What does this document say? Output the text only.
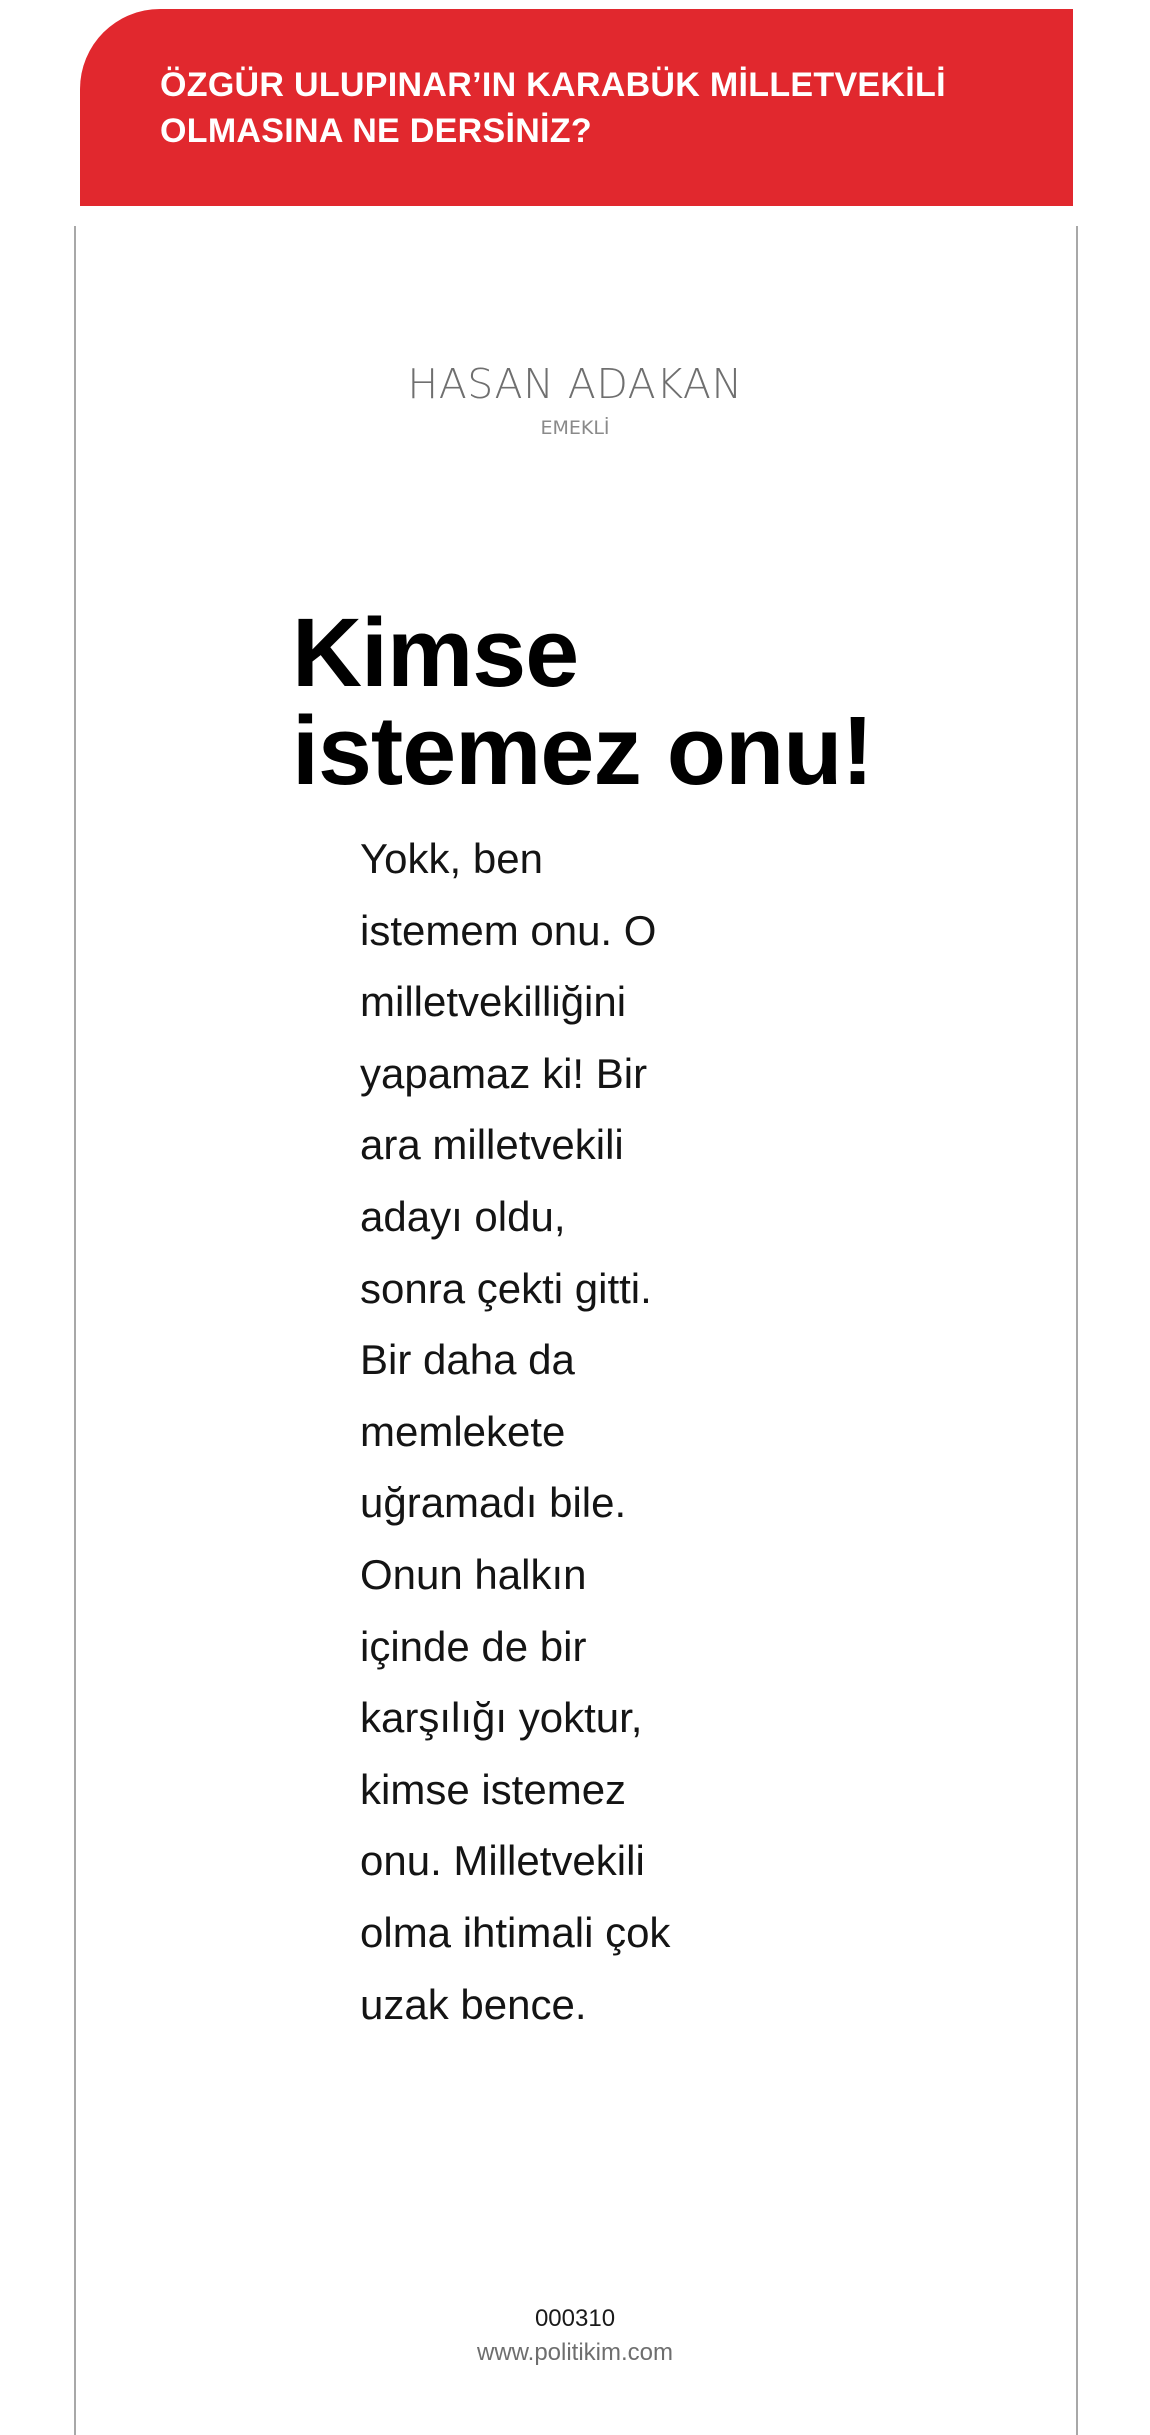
ÖZGÜR ULUPINAR’IN KARABÜK MİLLETVEKİLİ
OLMASINA NE DERSİNİZ?
HASAN ADAKAN
EMEKLİ
Kimse
istemez onu!

Yokk, ben
istemem onu. O
milletvekilliğini
yapamaz ki! Bir
ara milletvekili
adayı oldu,
sonra çekti gitti.
Bir daha da
memlekete
uğramadı bile.
Onun halkın
içinde de bir
karşılığı yoktur,
kimse istemez
onu. Milletvekili
olma ihtimali çok
uzak bence.

000310
www.politikim.com
